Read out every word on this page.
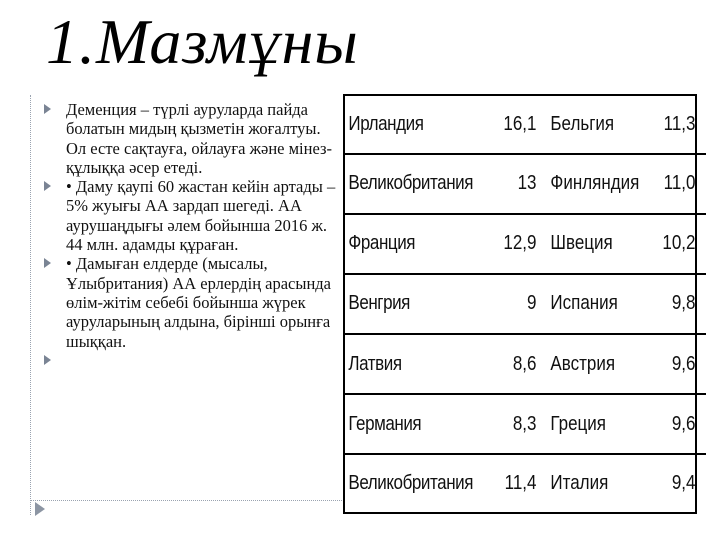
1.Мазмұны
Деменция – түрлі ауруларда пайда болатын мидың қызметін жоғалтуы. Ол есте сақтауға, ойлауға және мінез-құлыққа әсер етеді.
• Даму қаупі 60 жастан кейін артады – 5% жуығы АА зардап шегеді. АА аурушаңдығы әлем бойынша 2016 ж. 44 млн. адамды құраған.
• Дамыған елдерде (мысалы, Ұлыбритания) АА ерлердің арасында өлім-жітім себебі бойынша жүрек ауруларының алдына, бірінші орынға шыққан.
Ирландия	16,1	Бельгия	11,3
Великобритания	13	Финляндия	11,0
Франция	12,9	Швеция	10,2
Венгрия	9	Испания	9,8
Латвия	8,6	Австрия	9,6
Германия	8,3	Греция	9,6
Великобритания	11,4	Италия	9,4
